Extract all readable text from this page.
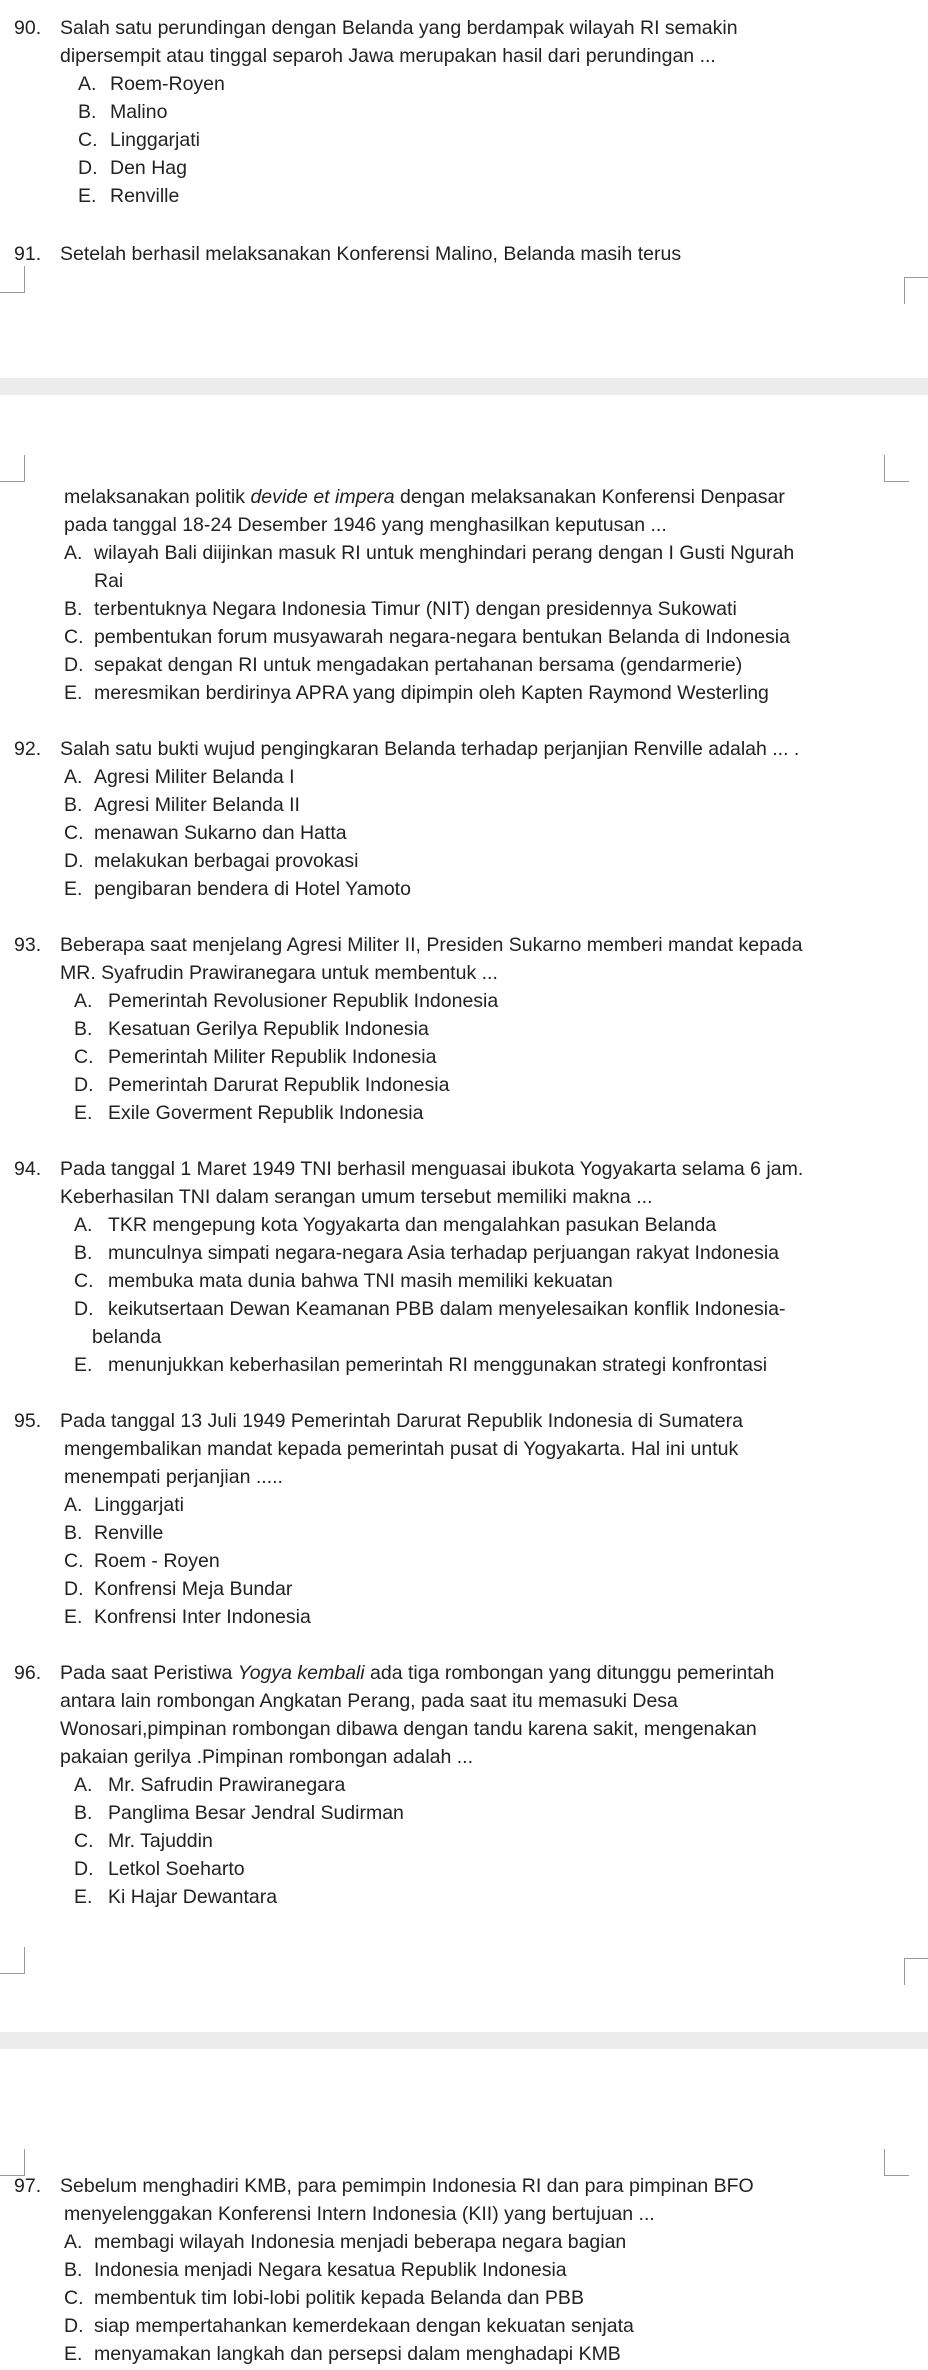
90. Salah satu perundingan dengan Belanda yang berdampak wilayah RI semakin
dipersempit atau tinggal separoh Jawa merupakan hasil dari perundingan ...
A. Roem-Royen
B. Malino
C. Linggarjati
D. Den Hag
E. Renville
91. Setelah berhasil melaksanakan Konferensi Malino, Belanda masih terus
melaksanakan politik devide et impera dengan melaksanakan Konferensi Denpasar
pada tanggal 18-24 Desember 1946 yang menghasilkan keputusan ...
A. wilayah Bali diijinkan masuk RI untuk menghindari perang dengan I Gusti Ngurah
Rai
B. terbentuknya Negara Indonesia Timur (NIT) dengan presidennya Sukowati
C. pembentukan forum musyawarah negara-negara bentukan Belanda di Indonesia
D. sepakat dengan RI untuk mengadakan pertahanan bersama (gendarmerie)
E. meresmikan berdirinya APRA yang dipimpin oleh Kapten Raymond Westerling
92. Salah satu bukti wujud pengingkaran Belanda terhadap perjanjian Renville adalah ... .
A. Agresi Militer Belanda I
B. Agresi Militer Belanda II
C. menawan Sukarno dan Hatta
D. melakukan berbagai provokasi
E. pengibaran bendera di Hotel Yamoto
93. Beberapa saat menjelang Agresi Militer II, Presiden Sukarno memberi mandat kepada
MR. Syafrudin Prawiranegara untuk membentuk ...
A. Pemerintah Revolusioner Republik Indonesia
B. Kesatuan Gerilya Republik Indonesia
C. Pemerintah Militer Republik Indonesia
D. Pemerintah Darurat Republik Indonesia
E. Exile Goverment Republik Indonesia
94. Pada tanggal 1 Maret 1949 TNI berhasil menguasai ibukota Yogyakarta selama 6 jam.
Keberhasilan TNI dalam serangan umum tersebut memiliki makna ...
A. TKR mengepung kota Yogyakarta dan mengalahkan pasukan Belanda
B. munculnya simpati negara-negara Asia terhadap perjuangan rakyat Indonesia
C. membuka mata dunia bahwa TNI masih memiliki kekuatan
D. keikutsertaan Dewan Keamanan PBB dalam menyelesaikan konflik Indonesia-
belanda
E. menunjukkan keberhasilan pemerintah RI menggunakan strategi konfrontasi
95. Pada tanggal 13 Juli 1949 Pemerintah Darurat Republik Indonesia di Sumatera
mengembalikan mandat kepada pemerintah pusat di Yogyakarta. Hal ini untuk
menempati perjanjian .....
A. Linggarjati
B. Renville
C. Roem - Royen
D. Konfrensi Meja Bundar
E. Konfrensi Inter Indonesia
96. Pada saat Peristiwa Yogya kembali ada tiga rombongan yang ditunggu pemerintah
antara lain rombongan Angkatan Perang, pada saat itu memasuki Desa
Wonosari,pimpinan rombongan dibawa dengan tandu karena sakit, mengenakan
pakaian gerilya .Pimpinan rombongan adalah ...
A. Mr. Safrudin Prawiranegara
B. Panglima Besar Jendral Sudirman
C. Mr. Tajuddin
D. Letkol Soeharto
E. Ki Hajar Dewantara
97. Sebelum menghadiri KMB, para pemimpin Indonesia RI dan para pimpinan BFO
menyelenggakan Konferensi Intern Indonesia (KII) yang bertujuan ...
A. membagi wilayah Indonesia menjadi beberapa negara bagian
B. Indonesia menjadi Negara kesatua Republik Indonesia
C. membentuk tim lobi-lobi politik kepada Belanda dan PBB
D. siap mempertahankan kemerdekaan dengan kekuatan senjata
E. menyamakan langkah dan persepsi dalam menghadapi KMB
